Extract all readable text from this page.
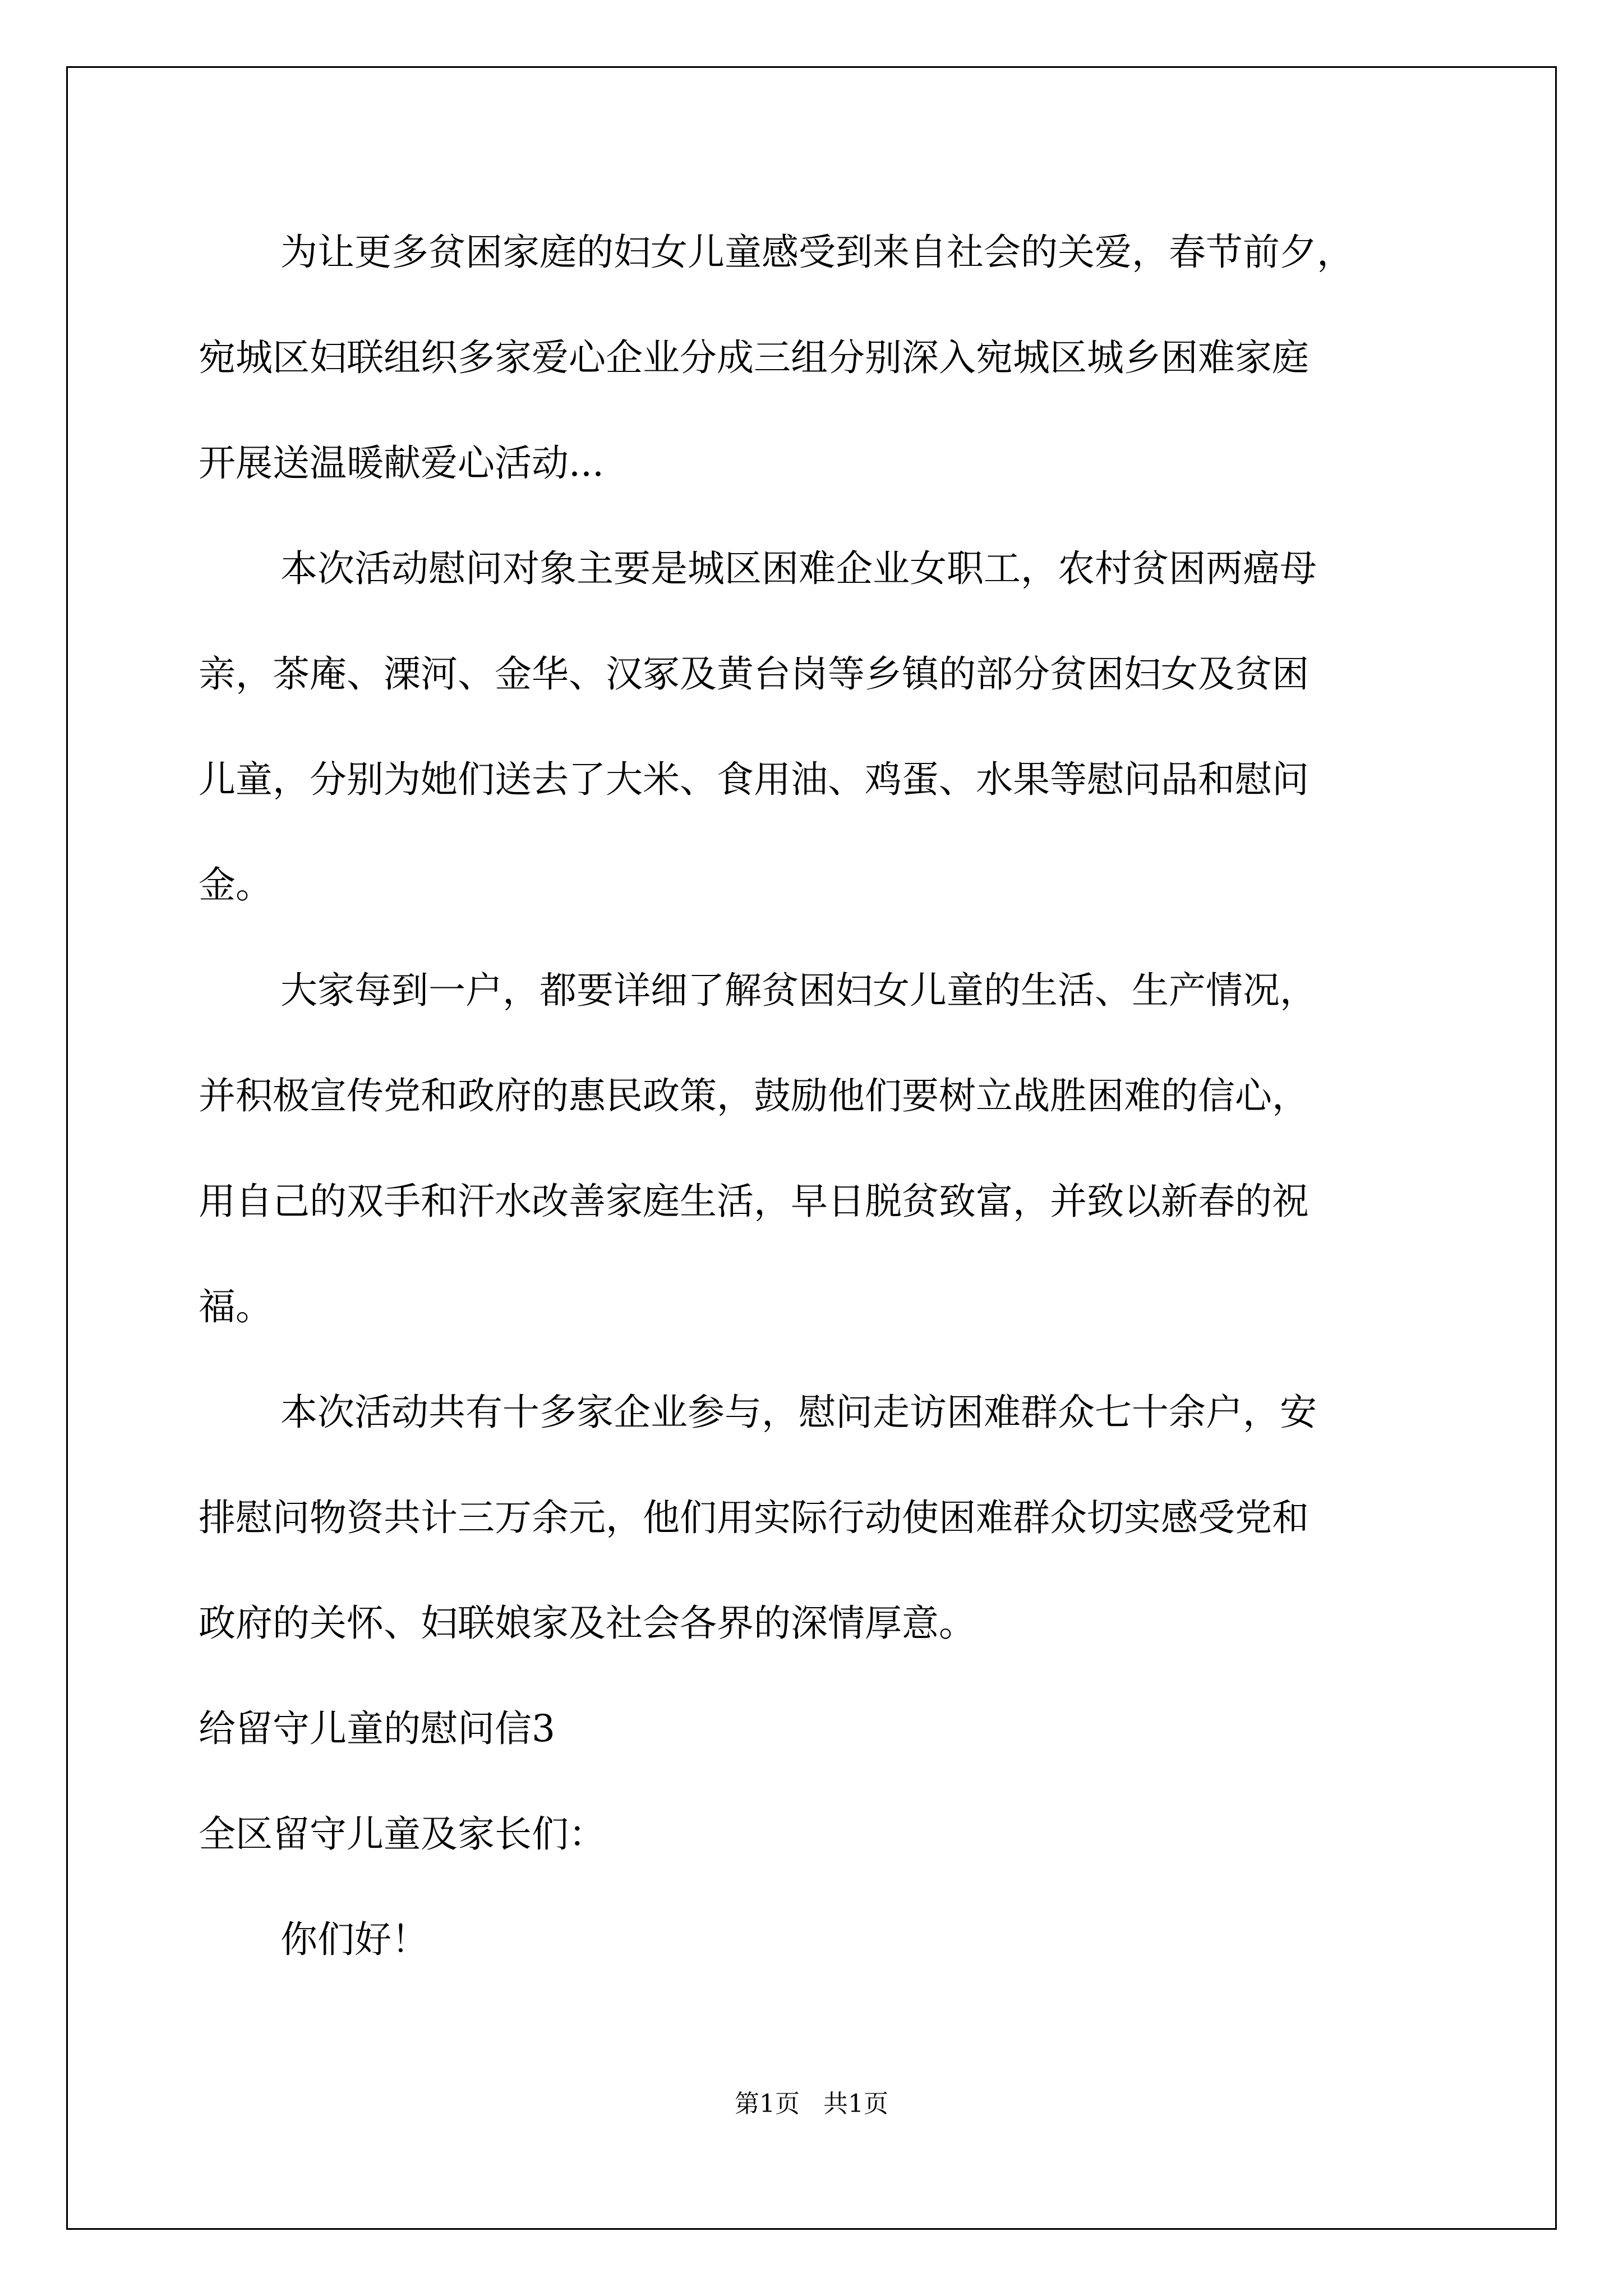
为让更多贫困家庭的妇女儿童感受到来自社会的关爱，春节前夕，

宛城区妇联组织多家爱心企业分成三组分别深入宛城区城乡困难家庭

开展送温暖献爱心活动...

本次活动慰问对象主要是城区困难企业女职工，农村贫困两癌母

亲，茶庵、溧河、金华、汉冢及黄台岗等乡镇的部分贫困妇女及贫困

儿童，分别为她们送去了大米、食用油、鸡蛋、水果等慰问品和慰问

金。

大家每到一户，都要详细了解贫困妇女儿童的生活、生产情况，

并积极宣传党和政府的惠民政策，鼓励他们要树立战胜困难的信心，

用自己的双手和汗水改善家庭生活，早日脱贫致富，并致以新春的祝

福。

本次活动共有十多家企业参与，慰问走访困难群众七十余户，安

排慰问物资共计三万余元，他们用实际行动使困难群众切实感受党和

政府的关怀、妇联娘家及社会各界的深情厚意。

给留守儿童的慰问信3

全区留守儿童及家长们：

你们好！

第1页   共1页
